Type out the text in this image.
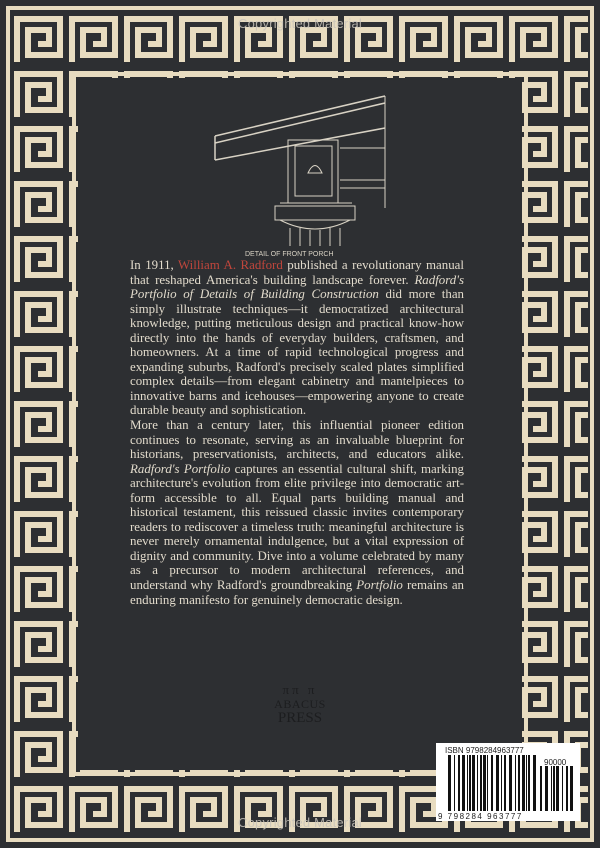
Copyrighted Material
Copyrighted Material
DETAIL OF FRONT PORCH

In 1911, William A. Radford published a revolutionary manual that reshaped America's building landscape forever. Radford's Portfolio of Details of Building Construction did more than simply illustrate techniques—it democratized architectural knowledge, putting meticulous design and practical know-how directly into the hands of everyday builders, craftsmen, and homeowners. At a time of rapid technological progress and expanding suburbs, Radford's precisely scaled plates simplified complex details—from elegant cabinetry and mantelpieces to innovative barns and icehouses—empowering anyone to create durable beauty and sophistication.

More than a century later, this influential pioneer edition continues to resonate, serving as an invaluable blueprint for historians, preservationists, architects, and educators alike. Radford's Portfolio captures an essential cultural shift, marking architecture's evolution from elite privilege into democratic art-form accessible to all. Equal parts building manual and historical testament, this reissued classic invites contemporary readers to rediscover a timeless truth: meaningful architecture is never merely ornamental indulgence, but a vital expression of dignity and community. Dive into a volume celebrated by many as a precursor to modern architectural references, and understand why Radford's groundbreaking Portfolio remains an enduring manifesto for genuinely democratic design.

ππ π
ABACUS
PRESS
ISBN 9798284963777
90000
9 798284 963777
